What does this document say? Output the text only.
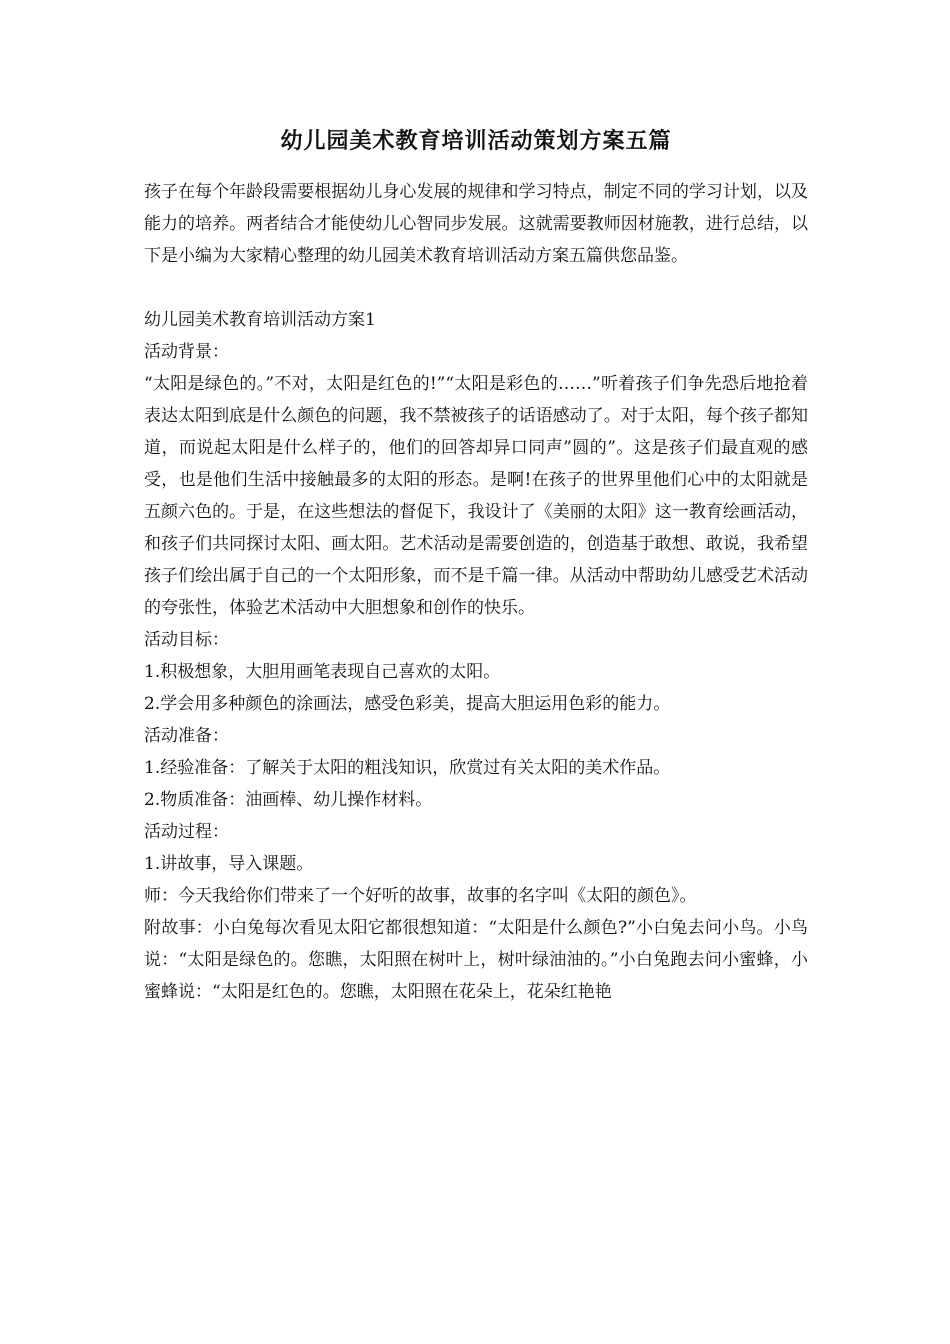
幼儿园美术教育培训活动策划方案五篇

孩子在每个年龄段需要根据幼儿身心发展的规律和学习特点，制定不同的学习计划，以及能力的培养。两者结合才能使幼儿心智同步发展。这就需要教师因材施教，进行总结，以下是小编为大家精心整理的幼儿园美术教育培训活动方案五篇供您品鉴。

幼儿园美术教育培训活动方案1

活动背景：

“太阳是绿色的。”不对，太阳是红色的!”“太阳是彩色的……”听着孩子们争先恐后地抢着表达太阳到底是什么颜色的问题，我不禁被孩子的话语感动了。对于太阳，每个孩子都知道，而说起太阳是什么样子的，他们的回答却异口同声”圆的”。这是孩子们最直观的感受，也是他们生活中接触最多的太阳的形态。是啊!在孩子的世界里他们心中的太阳就是五颜六色的。于是，在这些想法的督促下，我设计了《美丽的太阳》这一教育绘画活动，和孩子们共同探讨太阳、画太阳。艺术活动是需要创造的，创造基于敢想、敢说，我希望孩子们绘出属于自己的一个太阳形象，而不是千篇一律。从活动中帮助幼儿感受艺术活动的夸张性，体验艺术活动中大胆想象和创作的快乐。

活动目标：

1.积极想象，大胆用画笔表现自己喜欢的太阳。

2.学会用多种颜色的涂画法，感受色彩美，提高大胆运用色彩的能力。

活动准备：

1.经验准备：了解关于太阳的粗浅知识，欣赏过有关太阳的美术作品。

2.物质准备：油画棒、幼儿操作材料。

活动过程：

1.讲故事，导入课题。

师：今天我给你们带来了一个好听的故事，故事的名字叫《太阳的颜色》。

附故事：小白兔每次看见太阳它都很想知道：“太阳是什么颜色?”小白兔去问小鸟。小鸟说：“太阳是绿色的。您瞧，太阳照在树叶上，树叶绿油油的。”小白兔跑去问小蜜蜂，小蜜蜂说：“太阳是红色的。您瞧，太阳照在花朵上，花朵红艳艳
